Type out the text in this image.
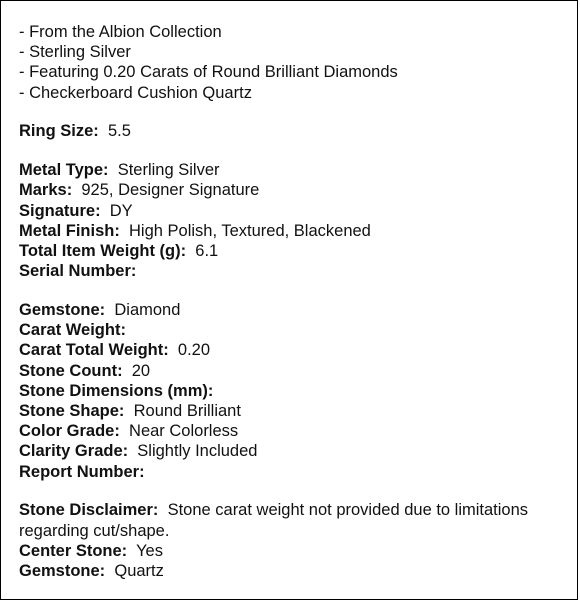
- From the Albion Collection
- Sterling Silver
- Featuring 0.20 Carats of Round Brilliant Diamonds
- Checkerboard Cushion Quartz
Ring Size: 5.5
Metal Type: Sterling Silver
Marks: 925, Designer Signature
Signature: DY
Metal Finish: High Polish, Textured, Blackened
Total Item Weight (g): 6.1
Serial Number:
Gemstone: Diamond
Carat Weight:
Carat Total Weight: 0.20
Stone Count: 20
Stone Dimensions (mm):
Stone Shape: Round Brilliant
Color Grade: Near Colorless
Clarity Grade: Slightly Included
Report Number:
Stone Disclaimer: Stone carat weight not provided due to limitations regarding cut/shape.
Center Stone: Yes
Gemstone: Quartz
